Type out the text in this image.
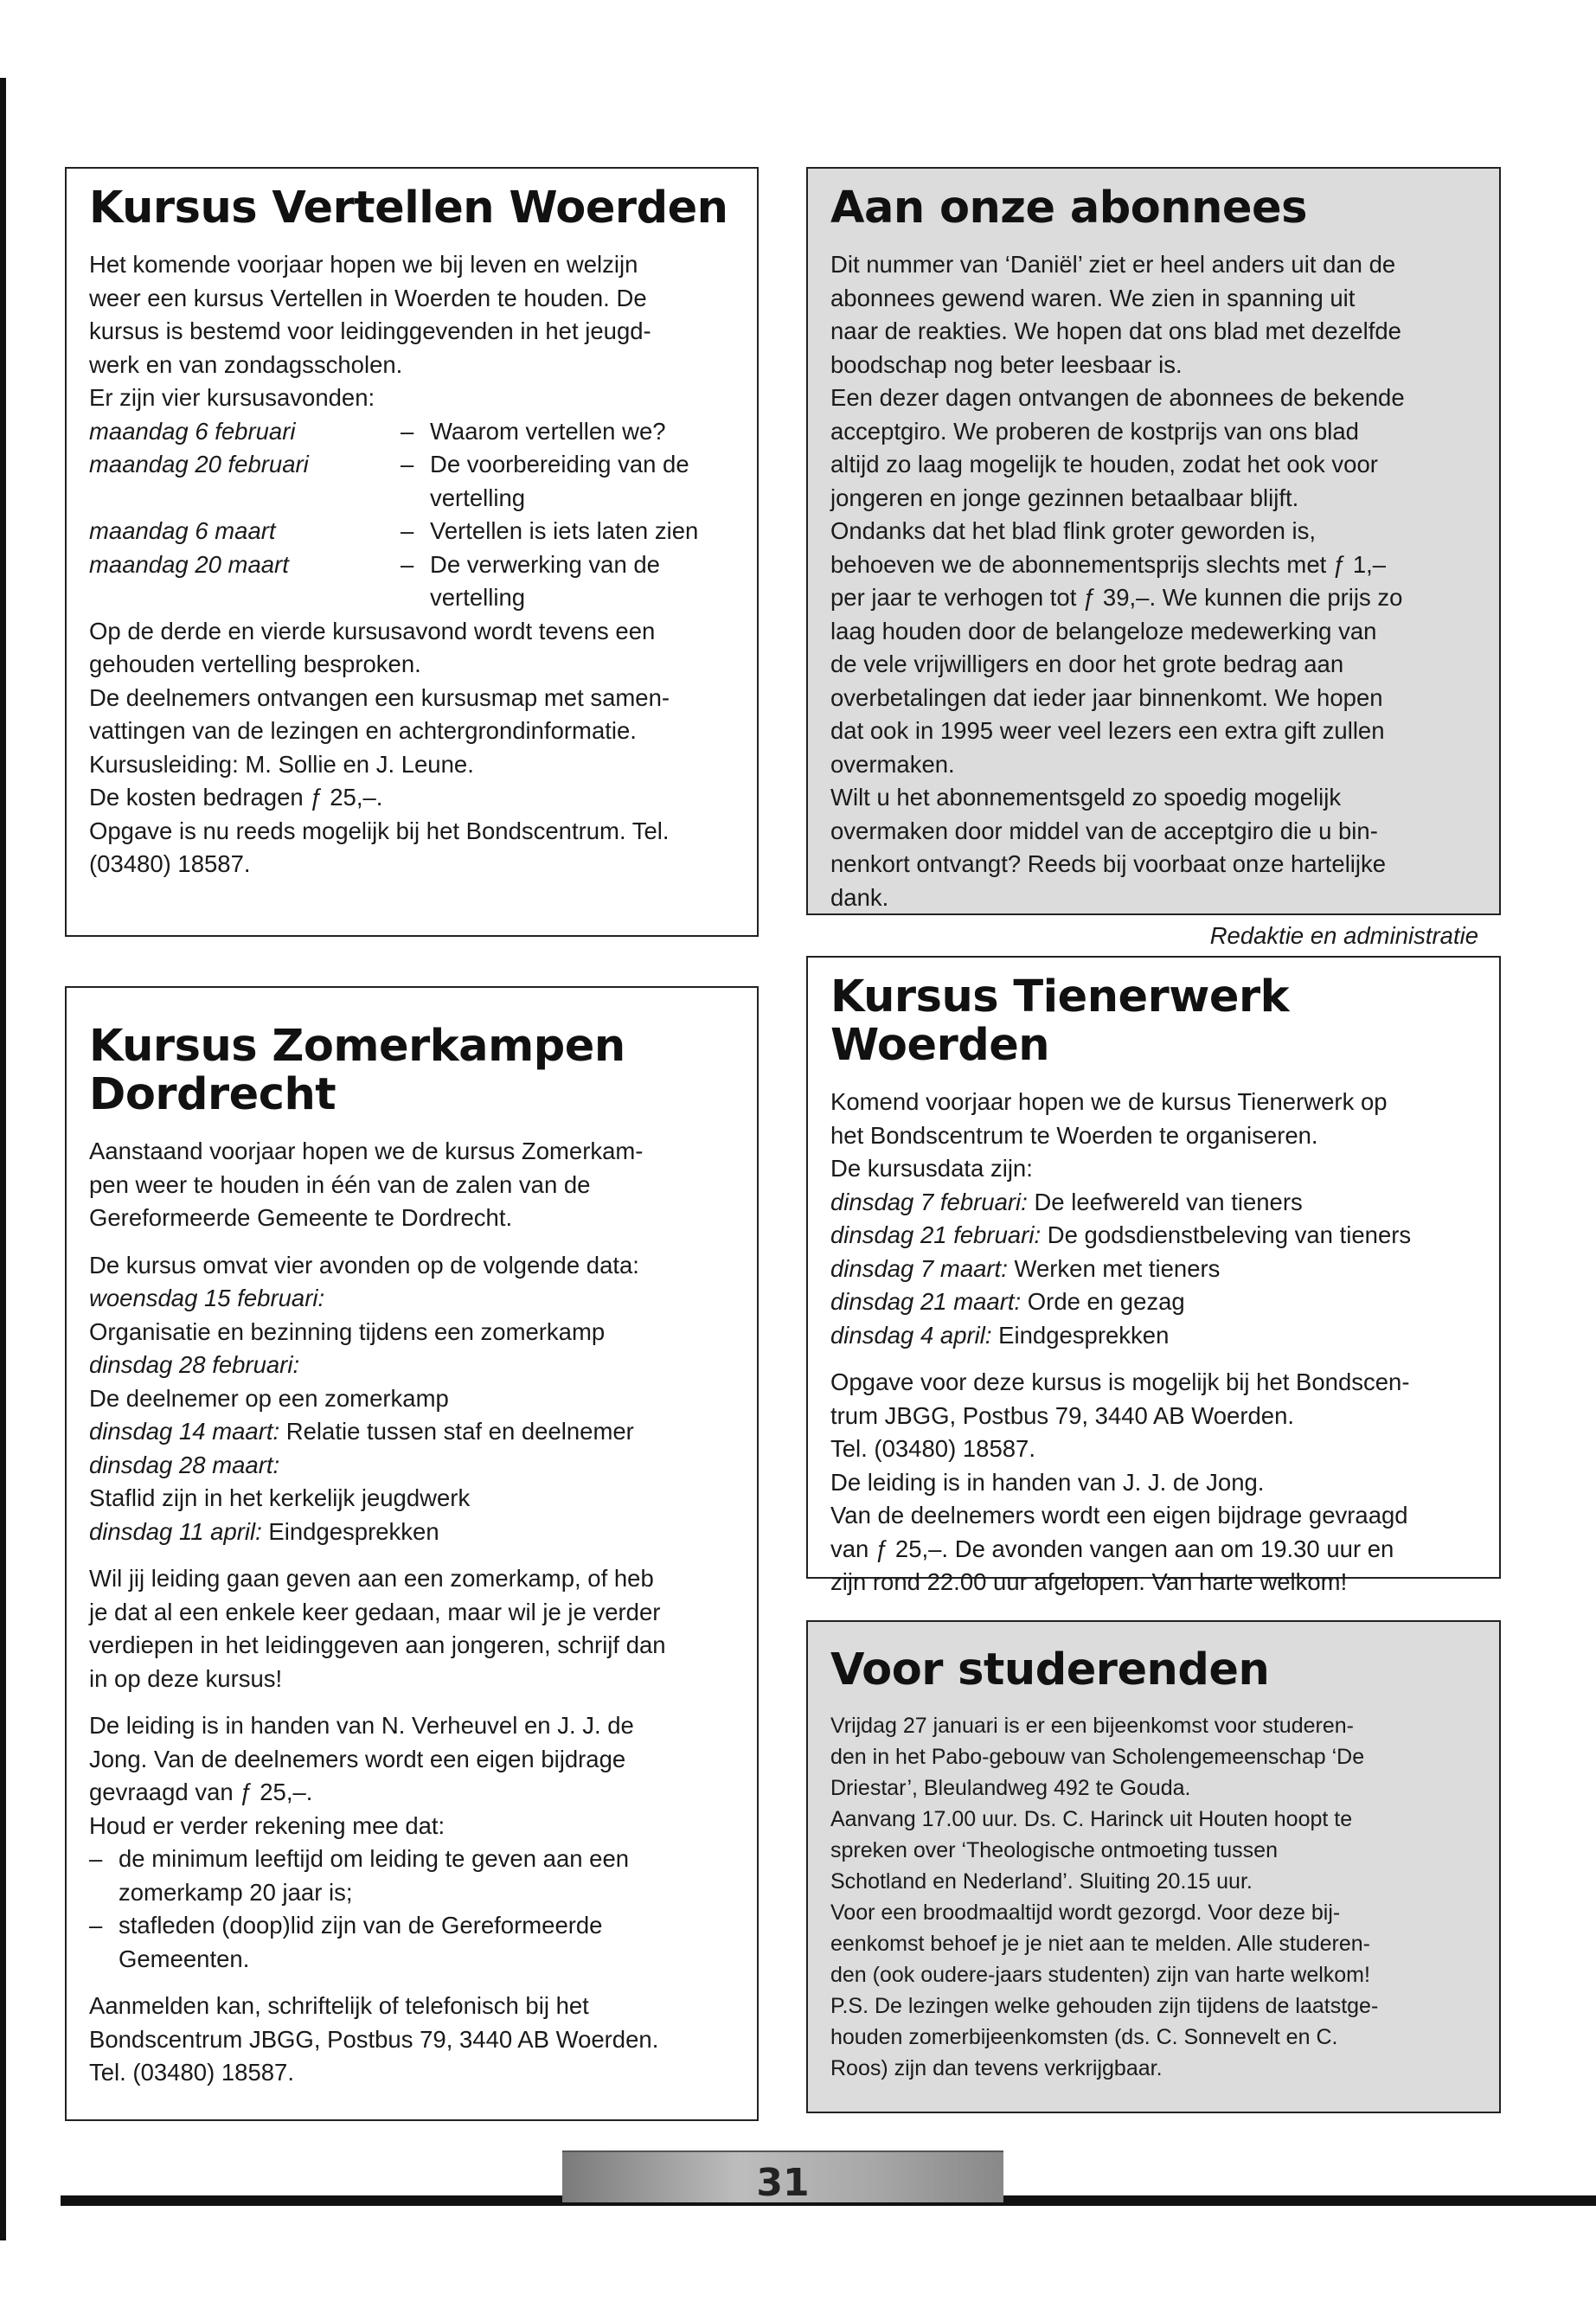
Kursus Vertellen Woerden

Het komende voorjaar hopen we bij leven en welzijn

weer een kursus Vertellen in Woerden te houden. De

kursus is bestemd voor leidinggevenden in het jeugd-

werk en van zondagsscholen.

Er zijn vier kursusavonden:

maandag 6 februari	– Waarom vertellen we?
maandag 20 februari	– De voorbereiding van de vertelling
maandag 6 maart	– Vertellen is iets laten zien
maandag 20 maart	– De verwerking van de vertelling

Op de derde en vierde kursusavond wordt tevens een

gehouden vertelling besproken.

De deelnemers ontvangen een kursusmap met samen-

vattingen van de lezingen en achtergrondinformatie.

Kursusleiding: M. Sollie en J. Leune.

De kosten bedragen ƒ 25,–.

Opgave is nu reeds mogelijk bij het Bondscentrum. Tel.

(03480) 18587.

Aan onze abonnees

Dit nummer van ‘Daniël’ ziet er heel anders uit dan de

abonnees gewend waren. We zien in spanning uit

naar de reakties. We hopen dat ons blad met dezelfde

boodschap nog beter leesbaar is.

Een dezer dagen ontvangen de abonnees de bekende

acceptgiro. We proberen de kostprijs van ons blad

altijd zo laag mogelijk te houden, zodat het ook voor

jongeren en jonge gezinnen betaalbaar blijft.

Ondanks dat het blad flink groter geworden is,

behoeven we de abonnementsprijs slechts met ƒ 1,–

per jaar te verhogen tot ƒ 39,–. We kunnen die prijs zo

laag houden door de belangeloze medewerking van

de vele vrijwilligers en door het grote bedrag aan

overbetalingen dat ieder jaar binnenkomt. We hopen

dat ook in 1995 weer veel lezers een extra gift zullen

overmaken.

Wilt u het abonnementsgeld zo spoedig mogelijk

overmaken door middel van de acceptgiro die u bin-

nenkort ontvangt? Reeds bij voorbaat onze hartelijke

dank.

Redaktie en administratie

Kursus Zomerkampen
Dordrecht

Aanstaand voorjaar hopen we de kursus Zomerkam-

pen weer te houden in één van de zalen van de

Gereformeerde Gemeente te Dordrecht.

De kursus omvat vier avonden op de volgende data:

woensdag 15 februari:

Organisatie en bezinning tijdens een zomerkamp

dinsdag 28 februari:

De deelnemer op een zomerkamp

dinsdag 14 maart: Relatie tussen staf en deelnemer

dinsdag 28 maart:

Staflid zijn in het kerkelijk jeugdwerk

dinsdag 11 april: Eindgesprekken

Wil jij leiding gaan geven aan een zomerkamp, of heb

je dat al een enkele keer gedaan, maar wil je je verder

verdiepen in het leidinggeven aan jongeren, schrijf dan

in op deze kursus!

De leiding is in handen van N. Verheuvel en J. J. de

Jong. Van de deelnemers wordt een eigen bijdrage

gevraagd van ƒ 25,–.

Houd er verder rekening mee dat:

– de minimum leeftijd om leiding te geven aan een
zomerkamp 20 jaar is;
– stafleden (doop)lid zijn van de Gereformeerde
Gemeenten.

Aanmelden kan, schriftelijk of telefonisch bij het

Bondscentrum JBGG, Postbus 79, 3440 AB Woerden.

Tel. (03480) 18587.

Kursus Tienerwerk Woerden

Komend voorjaar hopen we de kursus Tienerwerk op

het Bondscentrum te Woerden te organiseren.

De kursusdata zijn:

dinsdag 7 februari: De leefwereld van tieners

dinsdag 21 februari: De godsdienstbeleving van tieners

dinsdag 7 maart: Werken met tieners

dinsdag 21 maart: Orde en gezag

dinsdag 4 april: Eindgesprekken

Opgave voor deze kursus is mogelijk bij het Bondscen-

trum JBGG, Postbus 79, 3440 AB Woerden.

Tel. (03480) 18587.

De leiding is in handen van J. J. de Jong.

Van de deelnemers wordt een eigen bijdrage gevraagd

van ƒ 25,–. De avonden vangen aan om 19.30 uur en

zijn rond 22.00 uur afgelopen. Van harte welkom!

Voor studerenden

Vrijdag 27 januari is er een bijeenkomst voor studeren-

den in het Pabo-gebouw van Scholengemeenschap ‘De

Driestar’, Bleulandweg 492 te Gouda.

Aanvang 17.00 uur. Ds. C. Harinck uit Houten hoopt te

spreken over ‘Theologische ontmoeting tussen

Schotland en Nederland’. Sluiting 20.15 uur.

Voor een broodmaaltijd wordt gezorgd. Voor deze bij-

eenkomst behoef je je niet aan te melden. Alle studeren-

den (ook oudere-jaars studenten) zijn van harte welkom!

P.S. De lezingen welke gehouden zijn tijdens de laatstge-

houden zomerbijeenkomsten (ds. C. Sonnevelt en C.

Roos) zijn dan tevens verkrijgbaar.

31
